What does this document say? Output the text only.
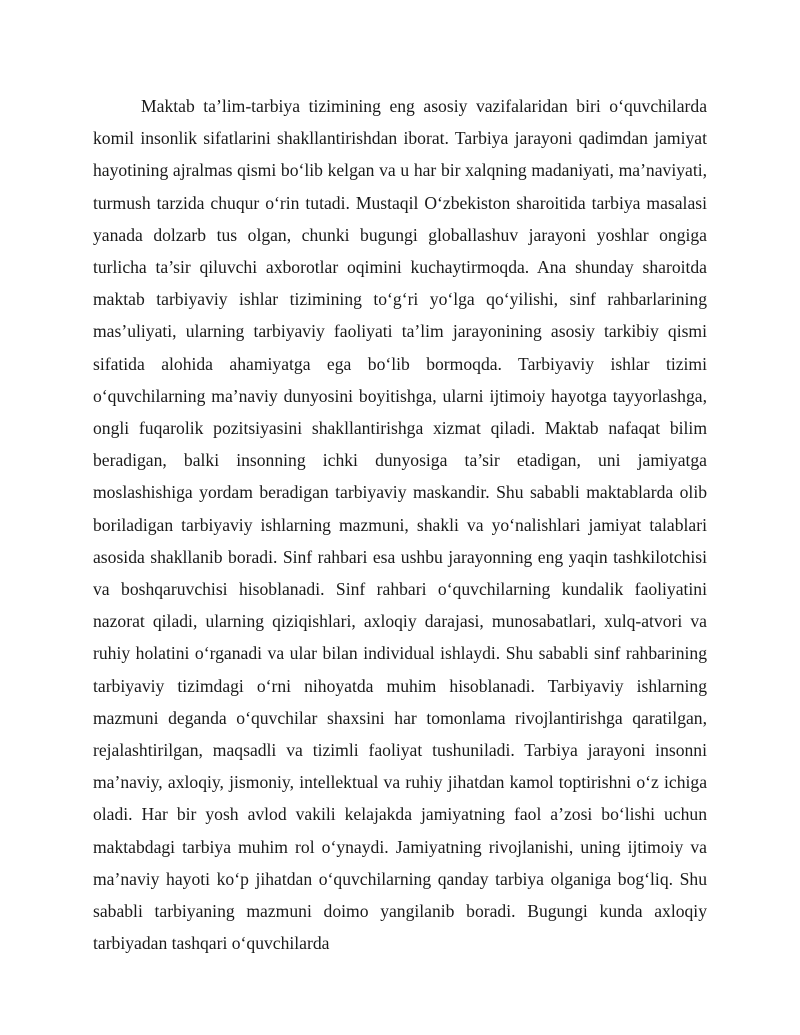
Maktab ta’lim-tarbiya tizimining eng asosiy vazifalaridan biri o‘quvchilarda komil insonlik sifatlarini shakllantirishdan iborat. Tarbiya jarayoni qadimdan jamiyat hayotining ajralmas qismi bo‘lib kelgan va u har bir xalqning madaniyati, ma’naviyati, turmush tarzida chuqur o‘rin tutadi. Mustaqil O‘zbekiston sharoitida tarbiya masalasi yanada dolzarb tus olgan, chunki bugungi globallashuv jarayoni yoshlar ongiga turlicha ta’sir qiluvchi axborotlar oqimini kuchaytirmoqda. Ana shunday sharoitda maktab tarbiyaviy ishlar tizimining to‘g‘ri yo‘lga qo‘yilishi, sinf rahbarlarining mas’uliyati, ularning tarbiyaviy faoliyati ta’lim jarayonining asosiy tarkibiy qismi sifatida alohida ahamiyatga ega bo‘lib bormoqda. Tarbiyaviy ishlar tizimi o‘quvchilarning ma’naviy dunyosini boyitishga, ularni ijtimoiy hayotga tayyorlashga, ongli fuqarolik pozitsiyasini shakllantirishga xizmat qiladi. Maktab nafaqat bilim beradigan, balki insonning ichki dunyosiga ta’sir etadigan, uni jamiyatga moslashishiga yordam beradigan tarbiyaviy maskandir. Shu sababli maktablarda olib boriladigan tarbiyaviy ishlarning mazmuni, shakli va yo‘nalishlari jamiyat talablari asosida shakllanib boradi. Sinf rahbari esa ushbu jarayonning eng yaqin tashkilotchisi va boshqaruvchisi hisoblanadi. Sinf rahbari o‘quvchilarning kundalik faoliyatini nazorat qiladi, ularning qiziqishlari, axloqiy darajasi, munosabatlari, xulq-atvori va ruhiy holatini o‘rganadi va ular bilan individual ishlaydi. Shu sababli sinf rahbarining tarbiyaviy tizimdagi o‘rni nihoyatda muhim hisoblanadi. Tarbiyaviy ishlarning mazmuni deganda o‘quvchilar shaxsini har tomonlama rivojlantirishga qaratilgan, rejalashtirilgan, maqsadli va tizimli faoliyat tushuniladi. Tarbiya jarayoni insonni ma’naviy, axloqiy, jismoniy, intellektual va ruhiy jihatdan kamol toptirishni o‘z ichiga oladi. Har bir yosh avlod vakili kelajakda jamiyatning faol a’zosi bo‘lishi uchun maktabdagi tarbiya muhim rol o‘ynaydi. Jamiyatning rivojlanishi, uning ijtimoiy va ma’naviy hayoti ko‘p jihatdan o‘quvchilarning qanday tarbiya olganiga bog‘liq. Shu sababli tarbiyaning mazmuni doimo yangilanib boradi. Bugungi kunda axloqiy tarbiyadan tashqari o‘quvchilarda
